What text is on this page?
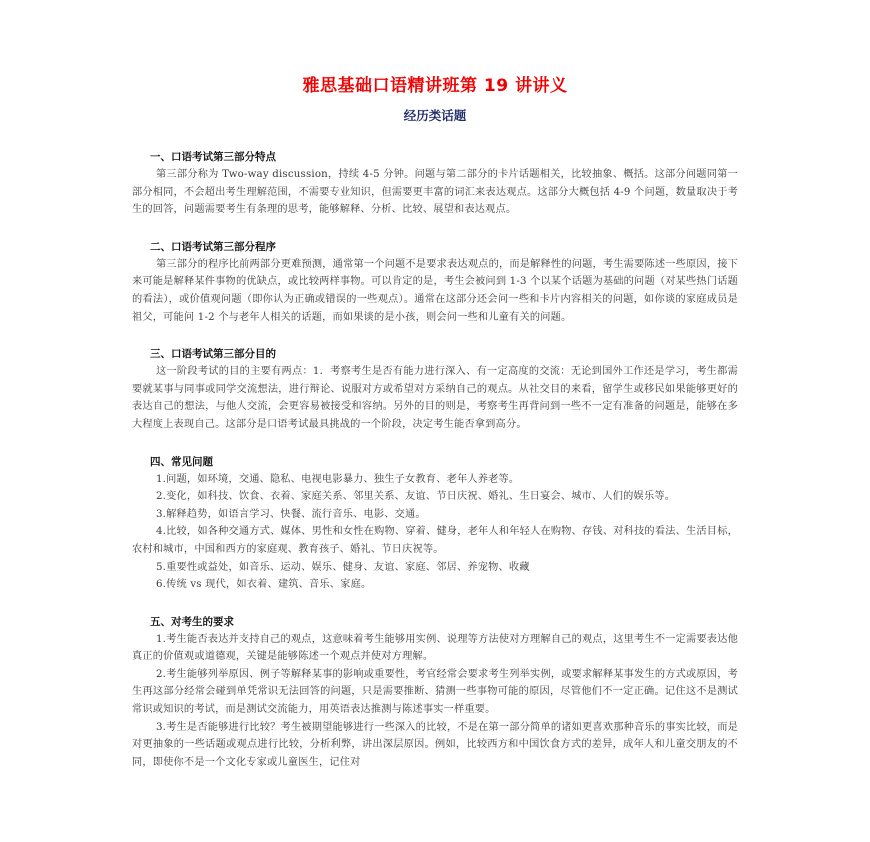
雅思基础口语精讲班第 19 讲讲义
经历类话题

一、口语考试第三部分特点

第三部分称为 Two-way discussion，持续 4-5 分钟。问题与第二部分的卡片话题相关，比较抽象、概括。这部分问题同第一部分相同，不会超出考生理解范围，不需要专业知识，但需要更丰富的词汇来表达观点。这部分大概包括 4-9 个问题，数量取决于考生的回答，问题需要考生有条理的思考，能够解释、分析、比较、展望和表达观点。

二、口语考试第三部分程序

第三部分的程序比前两部分更难预测，通常第一个问题不是要求表达观点的，而是解释性的问题，考生需要陈述一些原因，接下来可能是解释某件事物的优缺点，或比较两样事物。可以肯定的是，考生会被问到 1-3 个以某个话题为基础的问题（对某些热门话题的看法），或价值观问题（即你认为正确或错误的一些观点）。通常在这部分还会问一些和卡片内容相关的问题，如你谈的家庭成员是祖父，可能问 1-2 个与老年人相关的话题，而如果谈的是小孩，则会问一些和儿童有关的问题。

三、口语考试第三部分目的

这一阶段考试的目的主要有两点：1．考察考生是否有能力进行深入、有一定高度的交流：无论到国外工作还是学习，考生都需要就某事与同事或同学交流想法，进行辩论、说服对方或希望对方采纳自己的观点。从社交目的来看，留学生或移民如果能够更好的表达自己的想法，与他人交流，会更容易被接受和容纳。另外的目的则是，考察考生再背问到一些不一定有准备的问题是，能够在多大程度上表现自己。这部分是口语考试最具挑战的一个阶段，决定考生能否拿到高分。

四、常见问题

1.问题，如环境，交通、隐私、电视电影暴力、独生子女教育、老年人养老等。

2.变化，如科技、饮食、衣着、家庭关系、邻里关系、友谊、节日庆祝、婚礼、生日宴会、城市、人们的娱乐等。

3.解释趋势，如语言学习、快餐、流行音乐、电影、交通。

4.比较，如各种交通方式、媒体、男性和女性在购物、穿着、健身，老年人和年轻人在购物、存钱、对科技的看法、生活目标，农村和城市，中国和西方的家庭观、教育孩子、婚礼、节日庆祝等。

5.重要性或益处，如音乐、运动、娱乐、健身、友谊、家庭、邻居、养宠物、收藏

6.传统 vs 现代，如衣着、建筑、音乐、家庭。

五、对考生的要求

1.考生能否表达并支持自己的观点，这意味着考生能够用实例、说理等方法使对方理解自己的观点，这里考生不一定需要表达他真正的价值观或道德观，关键是能够陈述一个观点并使对方理解。

2.考生能够列举原因、例子等解释某事的影响或重要性，考官经常会要求考生列举实例，或要求解释某事发生的方式或原因，考生再这部分经常会碰到单凭常识无法回答的问题，只是需要推断、猜测一些事物可能的原因，尽管他们不一定正确。记住这不是测试常识或知识的考试，而是测试交流能力，用英语表达推测与陈述事实一样重要。

3.考生是否能够进行比较？考生被期望能够进行一些深入的比较，不是在第一部分简单的诸如更喜欢那种音乐的事实比较，而是对更抽象的一些话题或观点进行比较，分析利弊，讲出深层原因。例如，比较西方和中国饮食方式的差异，成年人和儿童交朋友的不同，即使你不是一个文化专家或儿童医生，记住对
